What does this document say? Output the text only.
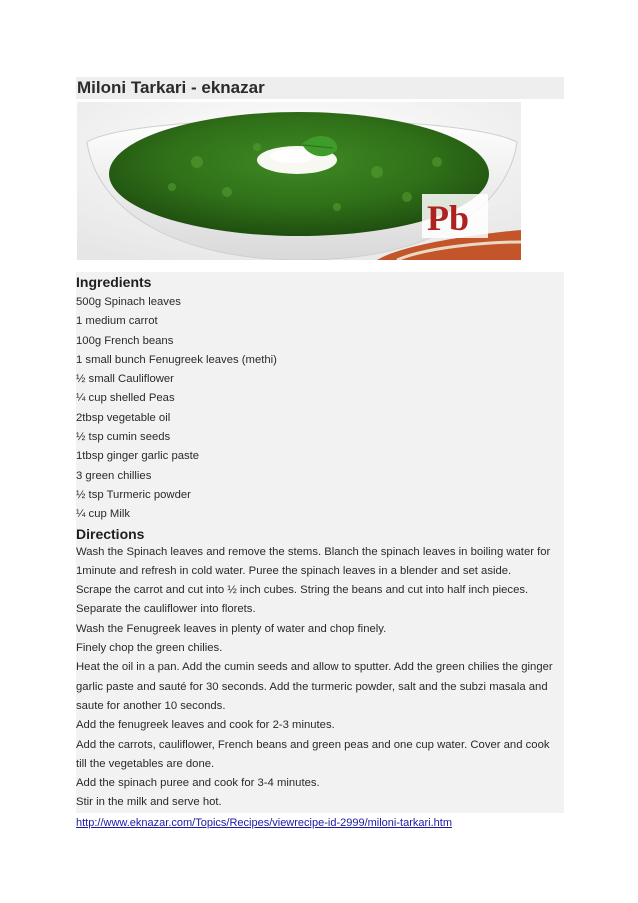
Miloni Tarkari - eknazar
Pb
Ingredients
500g Spinach leaves
1 medium carrot
100g French beans
1 small bunch Fenugreek leaves (methi)
½ small Cauliflower
¼ cup shelled Peas
2tbsp vegetable oil
½ tsp cumin seeds
1tbsp ginger garlic paste
3 green chillies
½ tsp Turmeric powder
¼ cup Milk
Directions
Wash the Spinach leaves and remove the stems. Blanch the spinach leaves in boiling water for
1minute and refresh in cold water. Puree the spinach leaves in a blender and set aside.
Scrape the carrot and cut into ½ inch cubes. String the beans and cut into half inch pieces.
Separate the cauliflower into florets.
Wash the Fenugreek leaves in plenty of water and chop finely.
Finely chop the green chilies.
Heat the oil in a pan. Add the cumin seeds and allow to sputter. Add the green chilies the ginger
garlic paste and sauté for 30 seconds. Add the turmeric powder, salt and the subzi masala and
saute for another 10 seconds.
Add the fenugreek leaves and cook for 2-3 minutes.
Add the carrots, cauliflower, French beans and green peas and one cup water. Cover and cook
till the vegetables are done.
Add the spinach puree and cook for 3-4 minutes.
Stir in the milk and serve hot.
http://www.eknazar.com/Topics/Recipes/viewrecipe-id-2999/miloni-tarkari.htm
